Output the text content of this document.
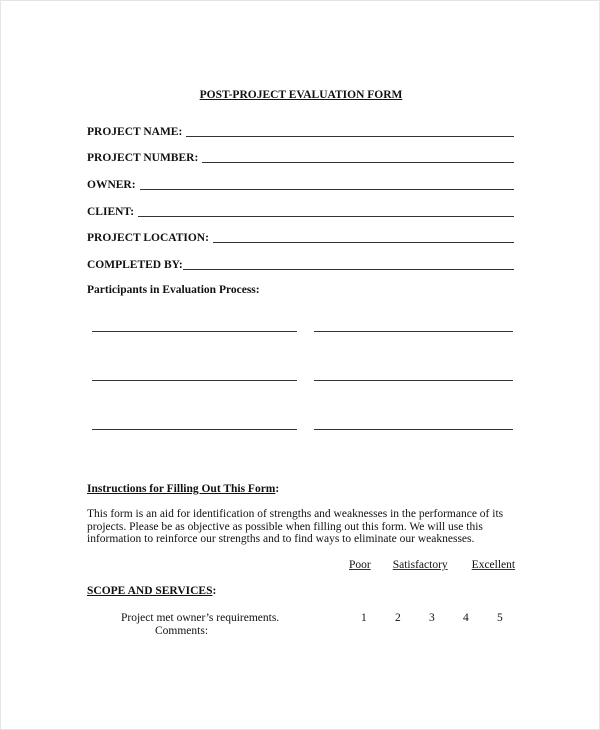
POST-PROJECT EVALUATION FORM
PROJECT NAME:
PROJECT NUMBER:
OWNER:
CLIENT:
PROJECT LOCATION:
COMPLETED BY:
Participants in Evaluation Process:
Instructions for Filling Out This Form:
This form is an aid for identification of strengths and weaknesses in the performance of its
projects. Please be as objective as possible when filling out this form. We will use this
information to reinforce our strengths and to find ways to eliminate our weaknesses.
Poor Satisfactory Excellent
SCOPE AND SERVICES:
Project met owner’s requirements.
Comments:
1 2 3 4 5
